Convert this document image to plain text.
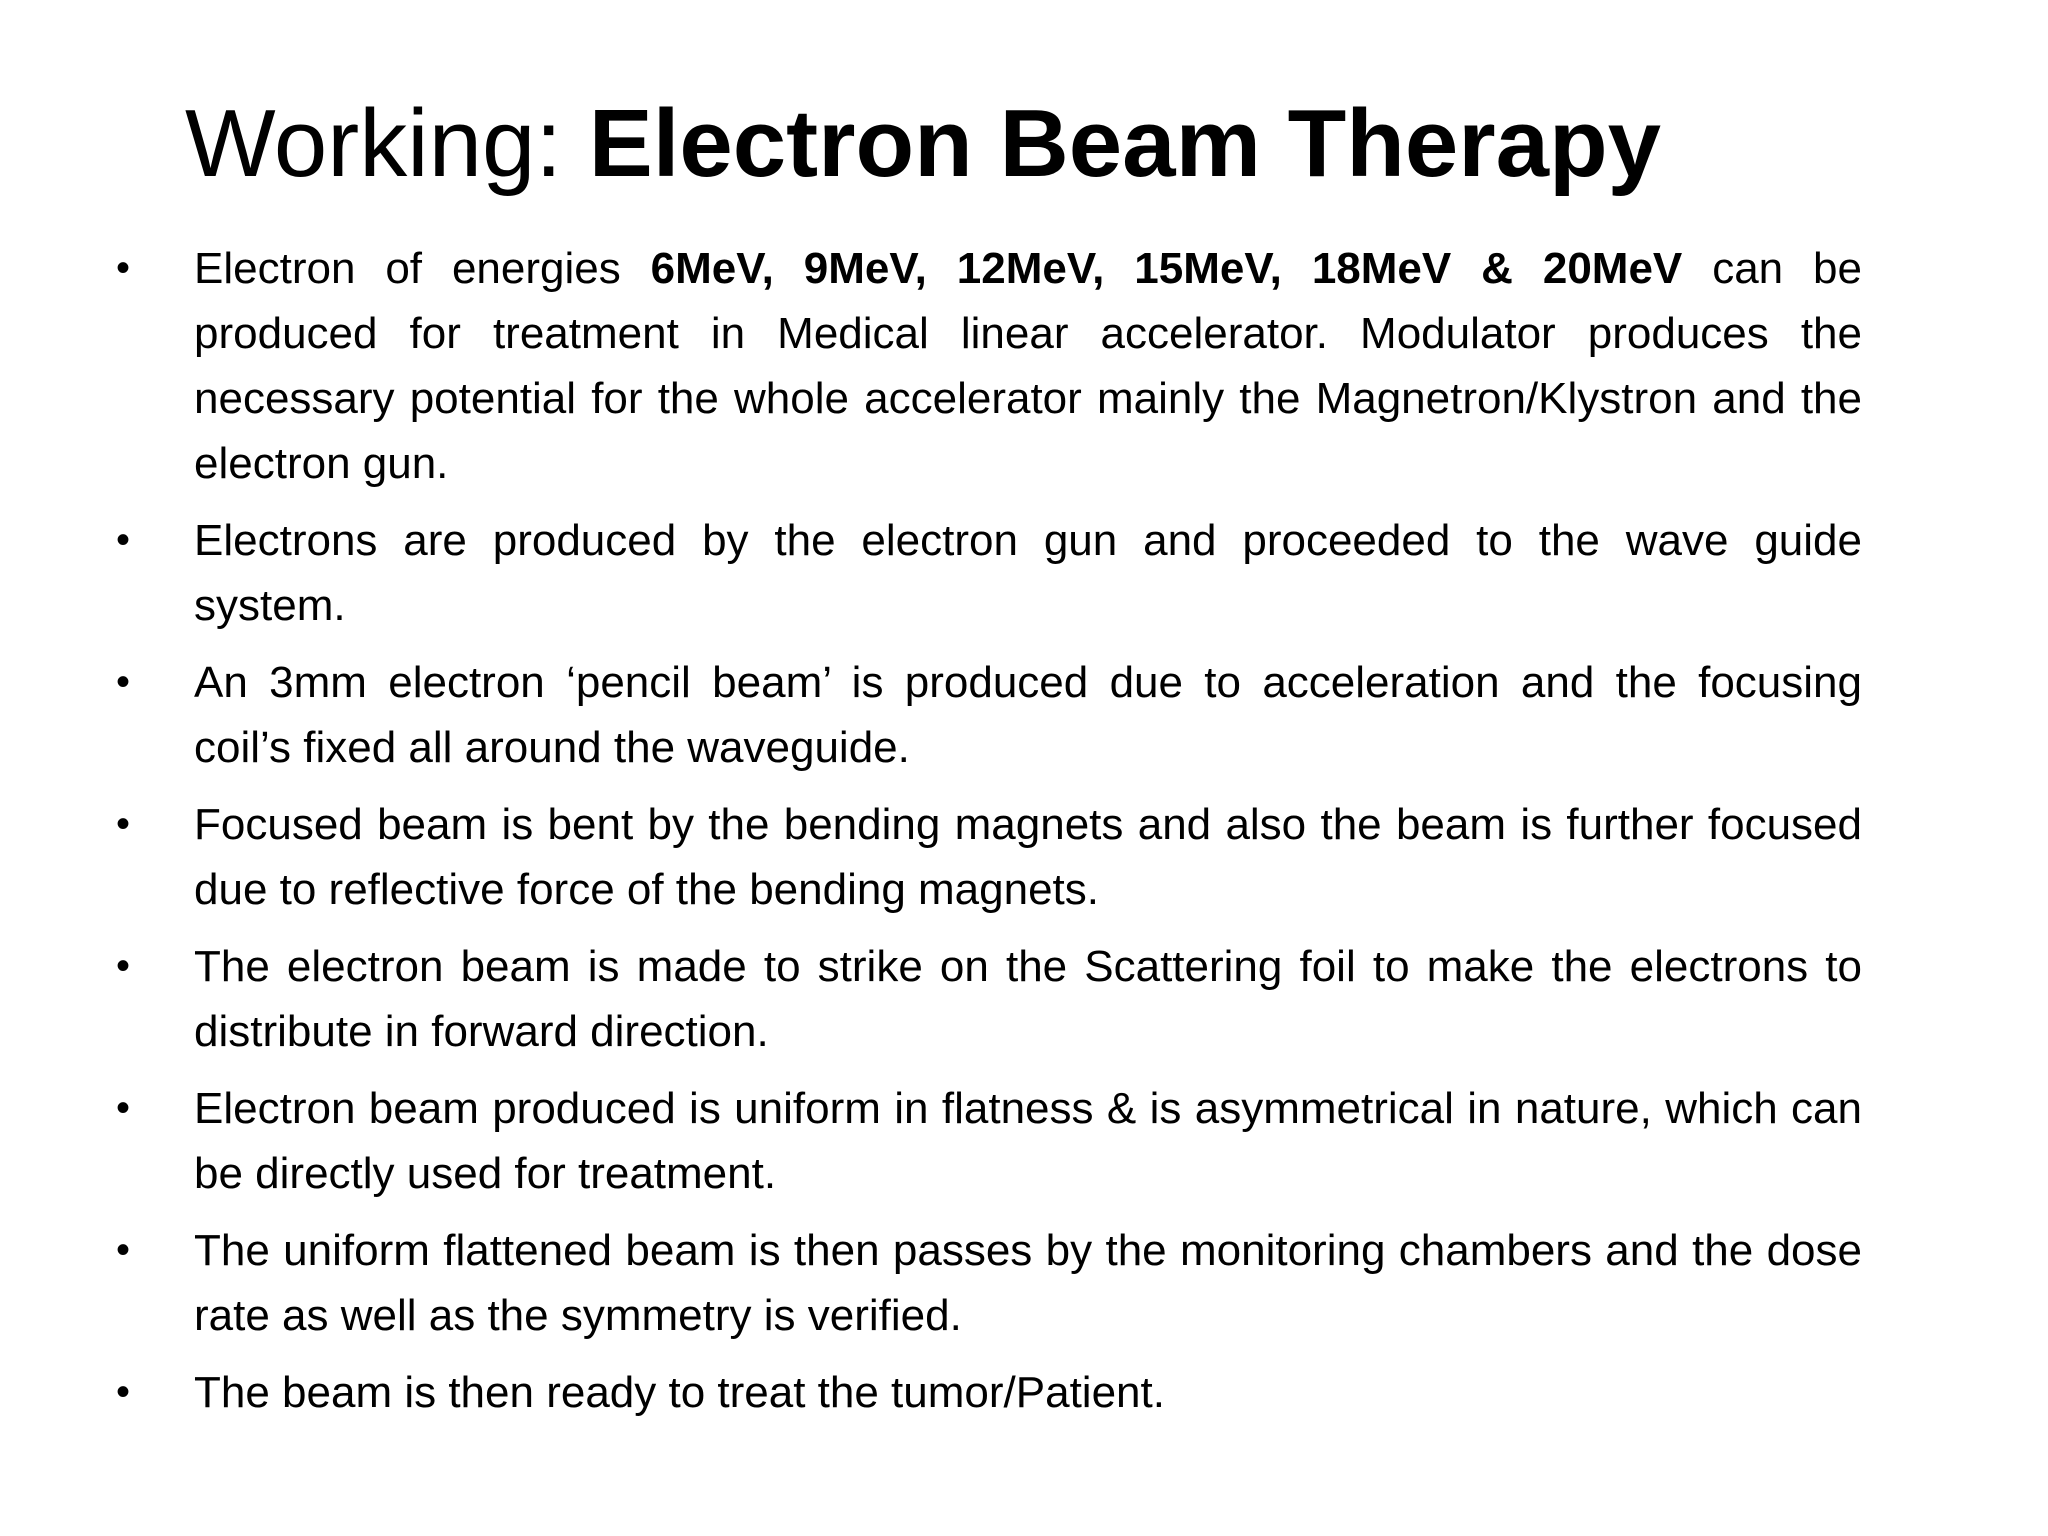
Working: Electron Beam Therapy
•	Electron of energies 6MeV, 9MeV, 12MeV, 15MeV, 18MeV & 20MeV can be produced for treatment in Medical linear accelerator. Modulator produces the necessary potential for the whole accelerator mainly the Magnetron/Klystron and the electron gun.
•	Electrons are produced by the electron gun and proceeded to the wave guide system.
•	An 3mm electron ‘pencil beam’ is produced due to acceleration and the focusing coil’s fixed all around the waveguide.
•	Focused beam is bent by the bending magnets and also the beam is further focused due to reflective force of the bending magnets.
•	The electron beam is made to strike on the Scattering foil to make the electrons to distribute in forward direction.
•	Electron beam produced is uniform in flatness & is asymmetrical in nature, which can be directly used for treatment.
•	The uniform flattened beam is then passes by the monitoring chambers and the dose rate as well as the symmetry is verified.
•	The beam is then ready to treat the tumor/Patient.
